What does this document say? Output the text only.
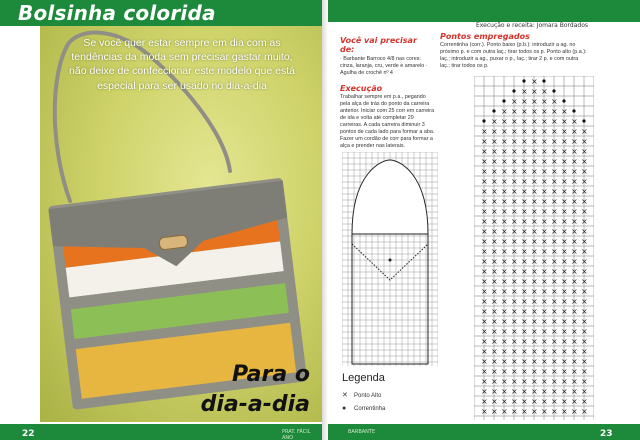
Bolsinha colorida
Se você quer estar sempre em dia com as tendências da moda sem precisar gastar muito, não deixe de confeccionar este modelo que está especial para ser usado no dia-a-dia
Para o
dia-a-dia
22	PRAT. FÁCIL ANO
Execução e receita: Jomara Bordados
Você vai precisar de:
· Barbante Barroco 4/8 nas cores: cinza, laranja, cru, verde e amarelo · Agulha de crochê nº 4
Execução
Trabalhar sempre em p.a., pegando pela alça de trás do ponto da carreira anterior. Iniciar com 25 corr em carreira de ida e volta até completar 29 carreiras. A cada carreira diminuir 3 pontos de cada lado para formar a aba. Fazer um cordão de corr para formar a alça e prender nas laterais.
Pontos empregados
Correntinha (corr.). Ponto baixo (p.b.): introduzir a ag. no próximo p. e com outra laç.; tirar todos os p. Ponto alto (p.a.): laç.; introduzir a ag., puxar o p., laç.; tirar 2 p. e com outra laç.; tirar todos os p.
×
× × ×
× × × × ×
× × × × × × ×
× × × × × × × × ×
× × × × × × × × × × ×
× × × × × × × × × × ×
× × × × × × × × × × ×
× × × × × × × × × × ×
× × × × × × × × × × ×
× × × × × × × × × × ×
× × × × × × × × × × ×
× × × × × × × × × × ×
× × × × × × × × × × ×
× × × × × × × × × × ×
× × × × × × × × × × ×
× × × × × × × × × × ×
× × × × × × × × × × ×
× × × × × × × × × × ×
× × × × × × × × × × ×
× × × × × × × × × × ×
× × × × × × × × × × ×
× × × × × × × × × × ×
× × × × × × × × × × ×
× × × × × × × × × × ×
× × × × × × × × × × ×
× × × × × × × × × × ×
× × × × × × × × × × ×
× × × × × × × × × × ×
× × × × × × × × × × ×
× × × × × × × × × × ×
× × × × × × × × × × ×
× × × × × × × × × × ×
× × × × × × × × × × ×
Legenda
✕ Ponto Alto
● Correntinha
BARBANTE	23
